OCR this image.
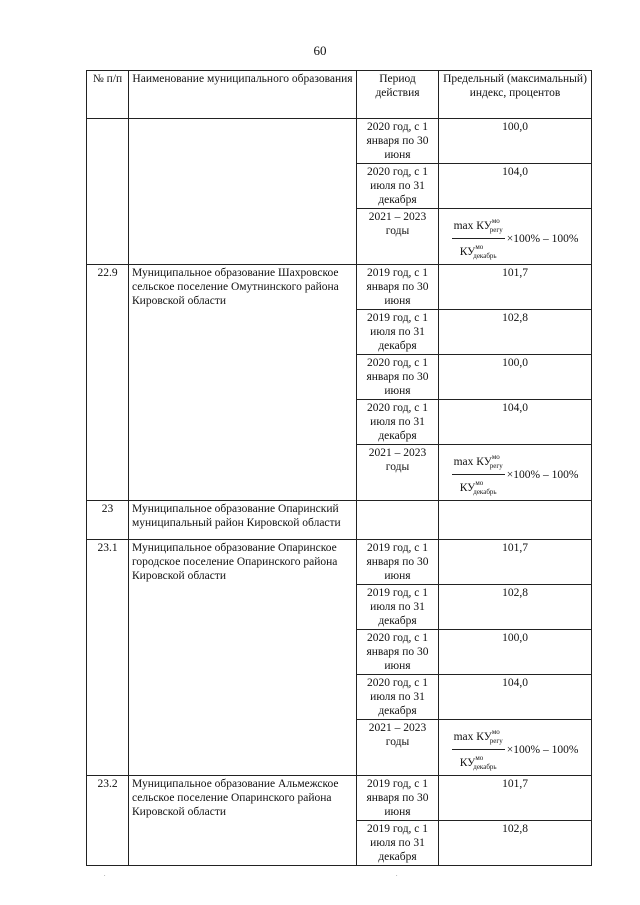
60
№ п/п	Наименование муниципального образования	Период действия	Предельный (максимальный) индекс, процентов
		2020 год, с 1 января по 30 июня	100,0
		2020 год, с 1 июля по 31 декабря	104,0
		2021 – 2023 годы	$\frac{\max КУ^{мо}_{регу}}{КУ^{мо}_{декабрь}} \times 100\% - 100\%$

22.9	Муниципальное образование Шахровское сельское поселение Омутнинского района Кировской области	2019 год, с 1 января по 30 июня	101,7
		2019 год, с 1 июля по 31 декабря	102,8
		2020 год, с 1 января по 30 июня	100,0
		2020 год, с 1 июля по 31 декабря	104,0
		2021 – 2023 годы	$\frac{\max КУ^{мо}_{регу}}{КУ^{мо}_{декабрь}} \times 100\% - 100\%$

23	Муниципальное образование Опаринский муниципальный район Кировской области		
23.1	Муниципальное образование Опаринское городское поселение Опаринского района Кировской области	2019 год, с 1 января по 30 июня	101,7
		2019 год, с 1 июля по 31 декабря	102,8
		2020 год, с 1 января по 30 июня	100,0
		2020 год, с 1 июля по 31 декабря	104,0
		2021 – 2023 годы	$\frac{\max КУ^{мо}_{регу}}{КУ^{мо}_{декабрь}} \times 100\% - 100\%$

23.2	Муниципальное образование Альмежское сельское поселение Опаринского района Кировской области	2019 год, с 1 января по 30 июня	101,7
		2019 год, с 1 июля по 31 декабря	102,8
.	.
